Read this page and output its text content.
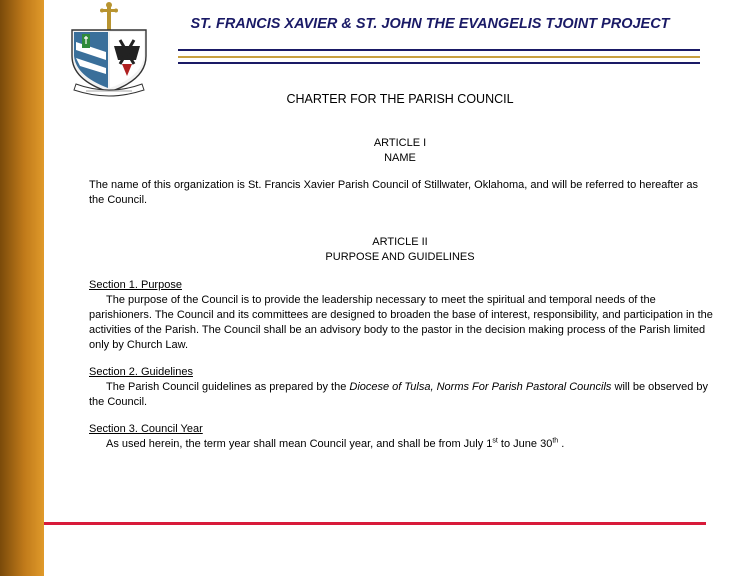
ST. FRANCIS XAVIER & ST. JOHN THE EVANGELIS TJOINT PROJECT
CHARTER FOR THE PARISH COUNCIL
ARTICLE I
NAME
The name of this organization is St. Francis Xavier Parish Council of Stillwater, Oklahoma, and will be referred to hereafter as the Council.
ARTICLE II
PURPOSE AND GUIDELINES
Section 1. Purpose
The purpose of the Council is to provide the leadership necessary to meet the spiritual and temporal needs of the parishioners. The Council and its committees are designed to broaden the base of interest, responsibility, and participation in the activities of the Parish. The Council shall be an advisory body to the pastor in the decision making process of the Parish limited only by Church Law.
Section 2. Guidelines
The Parish Council guidelines as prepared by the Diocese of Tulsa, Norms For Parish Pastoral Councils will be observed by the Council.
Section 3. Council Year
As used herein, the term year shall mean Council year, and shall be from July 1st to June 30th .
